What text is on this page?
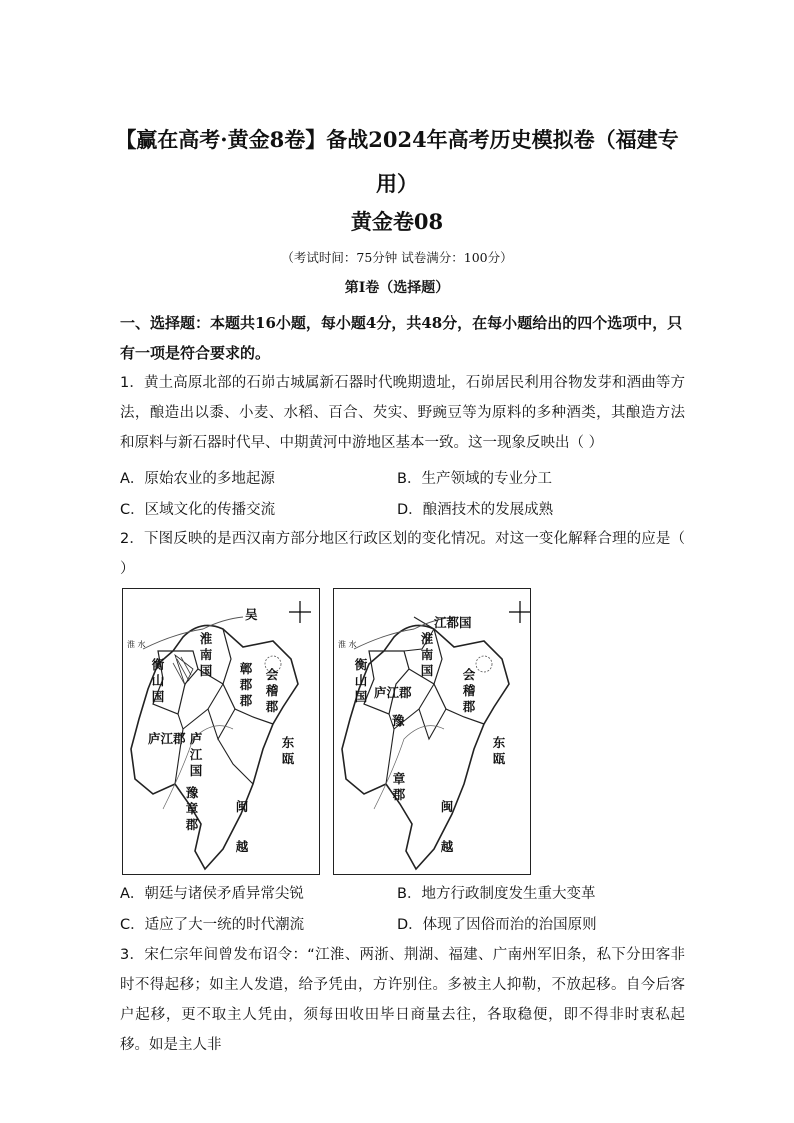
【赢在高考·黄金8卷】备战2024年高考历史模拟卷（福建专用）
黄金卷08
（考试时间：75分钟 试卷满分：100分）
第Ⅰ卷（选择题）
一、选择题：本题共16小题，每小题4分，共48分，在每小题给出的四个选项中，只有一项是符合要求的。
1．黄土高原北部的石峁古城属新石器时代晚期遗址，石峁居民利用谷物发芽和酒曲等方法，酿造出以黍、小麦、水稻、百合、芡实、野豌豆等为原料的多种酒类，其酿造方法和原料与新石器时代早、中期黄河中游地区基本一致。这一现象反映出（ ）
A．原始农业的多地起源	B．生产领域的专业分工
C．区域文化的传播交流	D．酿酒技术的发展成熟
2．下图反映的是西汉南方部分地区行政区划的变化情况。对这一变化解释合理的应是（ ）
吴
淮南国
衡山国
鄣郡郡
会稽郡
庐江郡 庐江国
豫章郡
东瓯
闽越
淮 水
江都国
淮南国
衡山国 庐江郡
会稽郡
豫
章郡
东瓯
闽越
淮 水
A．朝廷与诸侯矛盾异常尖锐	B．地方行政制度发生重大变革
C．适应了大一统的时代潮流	D．体现了因俗而治的治国原则
3．宋仁宗年间曾发布诏令：“江淮、两浙、荆湖、福建、广南州军旧条，私下分田客非时不得起移；如主人发遣，给予凭由，方许别住。多被主人抑勒，不放起移。自今后客户起移，更不取主人凭由，须每田收田毕日商量去往，各取稳便，即不得非时衷私起移。如是主人非
